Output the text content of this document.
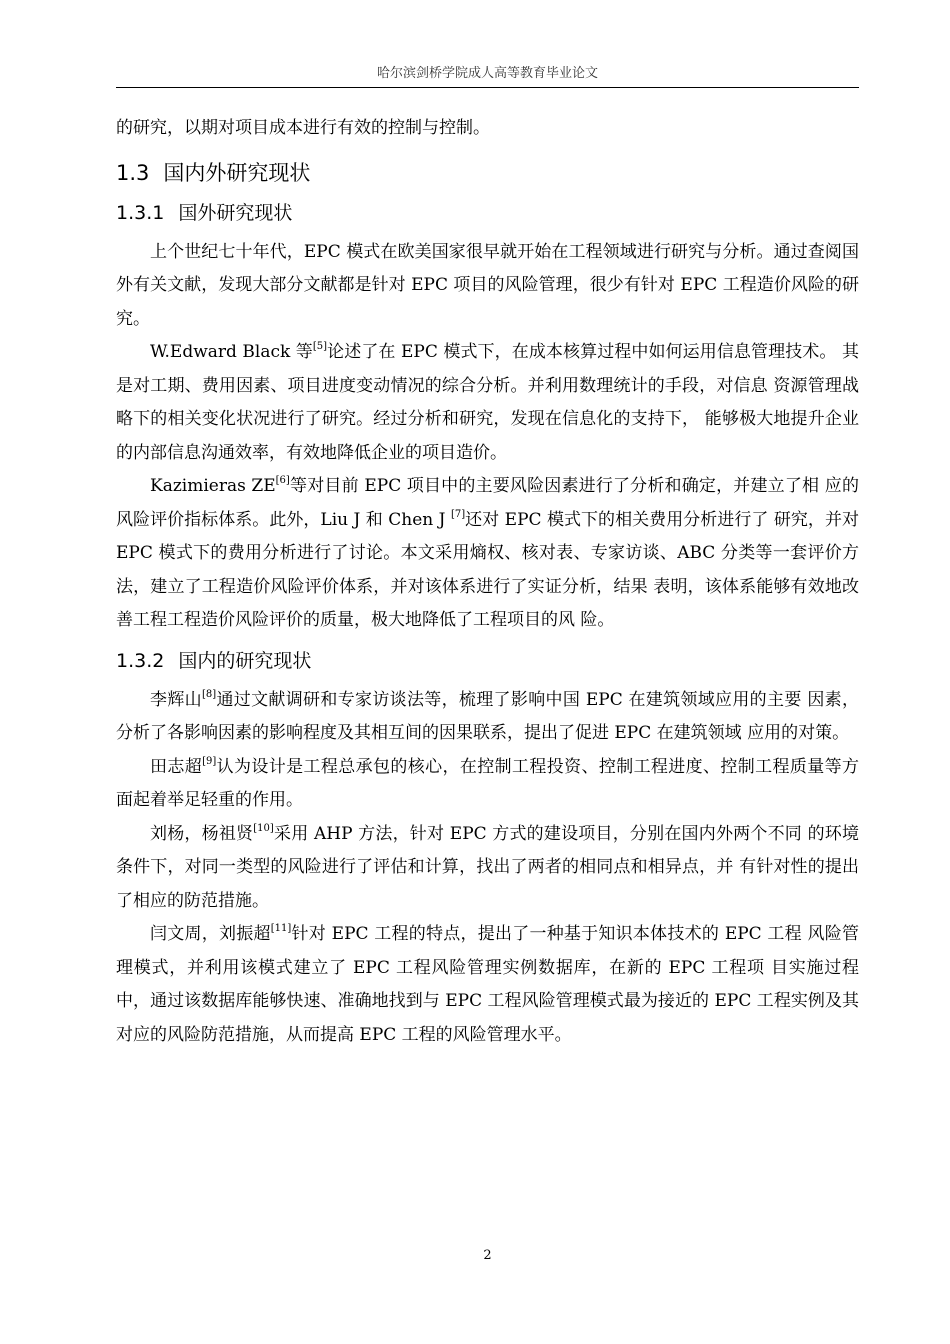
哈尔滨剑桥学院成人高等教育毕业论文

的研究，以期对项目成本进行有效的控制与控制。

1.3 国内外研究现状
1.3.1 国外研究现状

上个世纪七十年代，EPC 模式在欧美国家很早就开始在工程领域进行研究与分析。通过查阅国外有关文献，发现大部分文献都是针对 EPC 项目的风险管理，很少有针对 EPC 工程造价风险的研究。

W.Edward Black 等[5]论述了在 EPC 模式下，在成本核算过程中如何运用信息管理技术。 其是对工期、费用因素、项目进度变动情况的综合分析。并利用数理统计的手段，对信息 资源管理战略下的相关变化状况进行了研究。经过分析和研究，发现在信息化的支持下， 能够极大地提升企业的内部信息沟通效率，有效地降低企业的项目造价。

Kazimieras ZE[6]等对目前 EPC 项目中的主要风险因素进行了分析和确定，并建立了相 应的风险评价指标体系。此外，Liu J 和 Chen J [7]还对 EPC 模式下的相关费用分析进行了 研究，并对 EPC 模式下的费用分析进行了讨论。本文采用熵权、核对表、专家访谈、ABC 分类等一套评价方法，建立了工程造价风险评价体系，并对该体系进行了实证分析，结果 表明，该体系能够有效地改善工程工程造价风险评价的质量，极大地降低了工程项目的风 险。

1.3.2 国内的研究现状

李辉山[8]通过文献调研和专家访谈法等，梳理了影响中国 EPC 在建筑领域应用的主要 因素，分析了各影响因素的影响程度及其相互间的因果联系，提出了促进 EPC 在建筑领域 应用的对策。

田志超[9]认为设计是工程总承包的核心，在控制工程投资、控制工程进度、控制工程质量等方面起着举足轻重的作用。

刘杨，杨祖贤[10]采用 AHP 方法，针对 EPC 方式的建设项目，分别在国内外两个不同 的环境条件下，对同一类型的风险进行了评估和计算，找出了两者的相同点和相异点，并 有针对性的提出了相应的防范措施。

闫文周，刘振超[11]针对 EPC 工程的特点，提出了一种基于知识本体技术的 EPC 工程 风险管理模式，并利用该模式建立了 EPC 工程风险管理实例数据库，在新的 EPC 工程项 目实施过程中，通过该数据库能够快速、准确地找到与 EPC 工程风险管理模式最为接近的 EPC 工程实例及其对应的风险防范措施，从而提高 EPC 工程的风险管理水平。

2
